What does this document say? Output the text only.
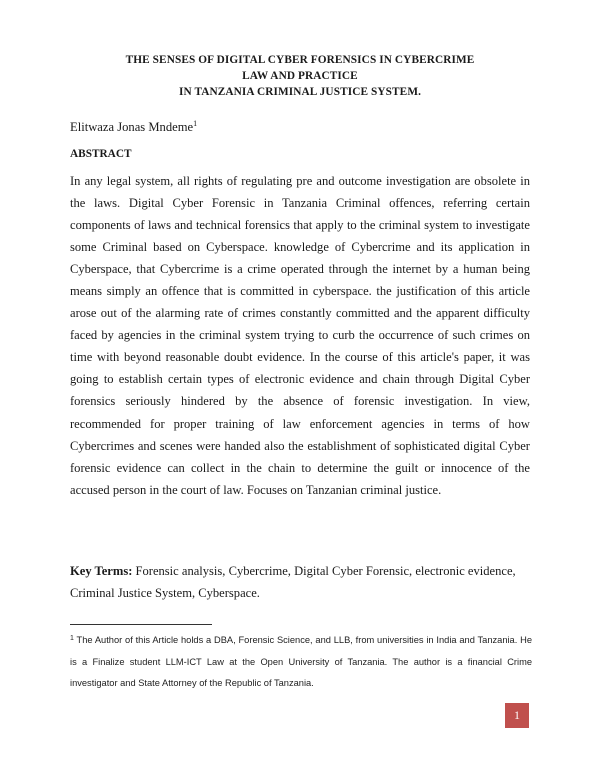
THE SENSES OF DIGITAL CYBER FORENSICS IN CYBERCRIME
LAW AND PRACTICE
IN TANZANIA CRIMINAL JUSTICE SYSTEM.
Elitwaza Jonas Mndeme$^1$
ABSTRACT

In any legal system, all rights of regulating pre and outcome investigation are obsolete in the laws. Digital Cyber Forensic in Tanzania Criminal offences, referring certain components of laws and technical forensics that apply to the criminal system to investigate some Criminal based on Cyberspace. knowledge of Cybercrime and its application in Cyberspace, that Cybercrime is a crime operated through the internet by a human being means simply an offence that is committed in cyberspace. the justification of this article arose out of the alarming rate of crimes constantly committed and the apparent difficulty faced by agencies in the criminal system trying to curb the occurrence of such crimes on time with beyond reasonable doubt evidence. In the course of this article's paper, it was going to establish certain types of electronic evidence and chain through Digital Cyber forensics seriously hindered by the absence of forensic investigation. In view, recommended for proper training of law enforcement agencies in terms of how Cybercrimes and scenes were handed also the establishment of sophisticated digital Cyber forensic evidence can collect in the chain to determine the guilt or innocence of the accused person in the court of law. Focuses on Tanzanian criminal justice.

Key Terms: Forensic analysis, Cybercrime, Digital Cyber Forensic, electronic evidence, Criminal Justice System, Cyberspace.

$^1$ The Author of this Article holds a DBA, Forensic Science, and LLB, from universities in India and Tanzania. He is a Finalize student LLM-ICT Law at the Open University of Tanzania. The author is a financial Crime investigator and State Attorney of the Republic of Tanzania.

1
